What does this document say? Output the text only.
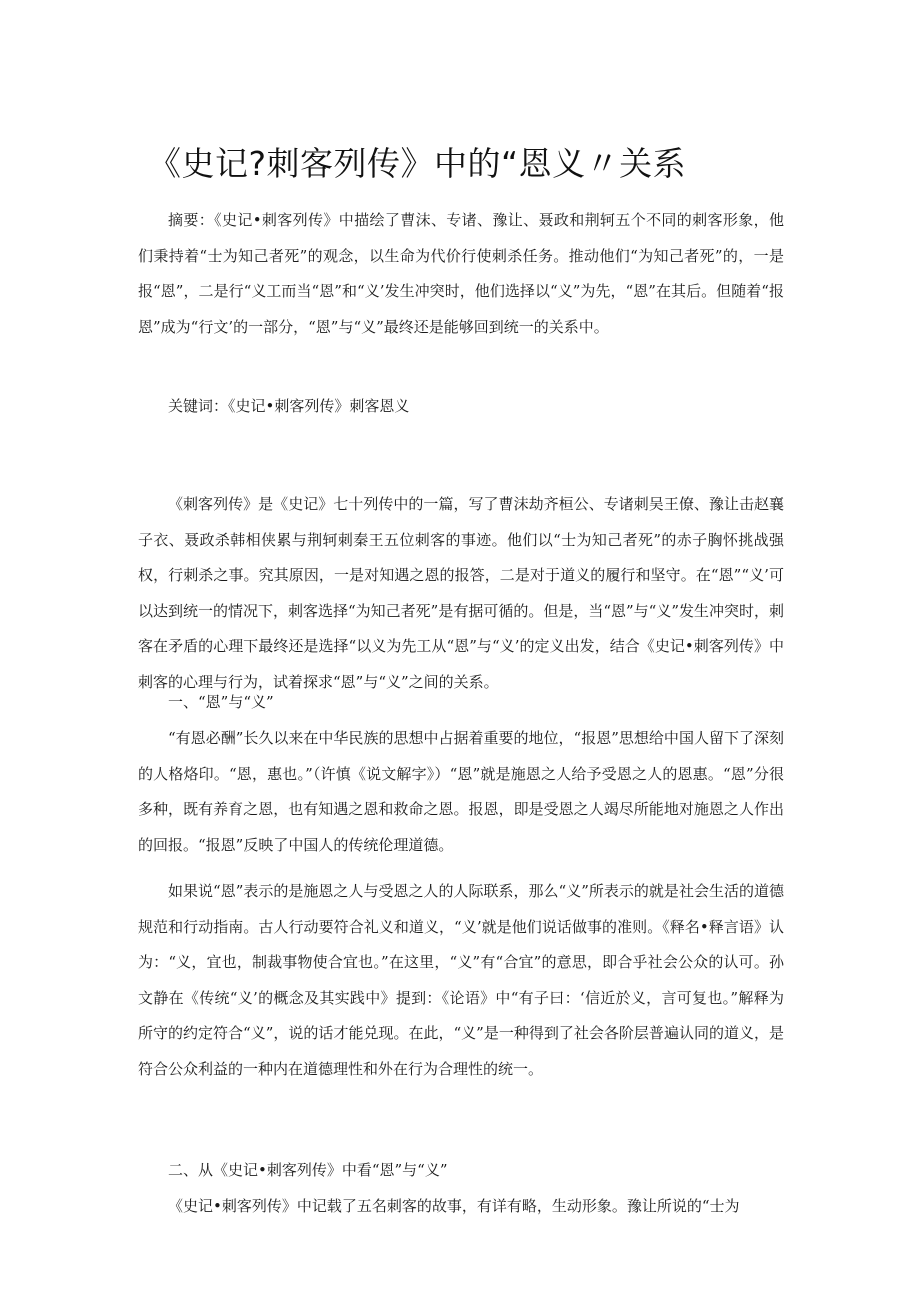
《史记?刺客列传》中的“恩义〃关系

摘要：《史记•刺客列传》中描绘了曹沫、专诸、豫让、聂政和荆轲五个不同的刺客形象，他们秉持着“士为知己者死”的观念，以生命为代价行使刺杀任务。推动他们“为知己者死”的，一是报“恩”，二是行“义工而当“恩”和“义’发生冲突时，他们选择以“义”为先，“恩”在其后。但随着“报恩”成为“行文’的一部分，“恩”与“义”最终还是能够回到统一的关系中。

关键词：《史记•刺客列传》刺客恩义

《刺客列传》是《史记》七十列传中的一篇，写了曹沫劫齐桓公、专诸刺吴王僚、豫让击赵襄子衣、聂政杀韩相侠累与荆轲刺秦王五位刺客的事迹。他们以“士为知己者死”的赤子胸怀挑战强权，行刺杀之事。究其原因，一是对知遇之恩的报答，二是对于道义的履行和坚守。在“恩”“义’可以达到统一的情况下，刺客选择“为知己者死”是有据可循的。但是，当“恩”与“义”发生冲突时，刺客在矛盾的心理下最终还是选择“以义为先工从“恩”与“义’的定义出发，结合《史记•刺客列传》中刺客的心理与行为，试着探求“恩”与“义”之间的关系。

一、“恩”与“义”

“有恩必酬”长久以来在中华民族的思想中占据着重要的地位，“报恩”思想给中国人留下了深刻的人格烙印。“恩，惠也。”（许慎《说文解字》）“恩”就是施恩之人给予受恩之人的恩惠。“恩”分很多种，既有养育之恩，也有知遇之恩和救命之恩。报恩，即是受恩之人竭尽所能地对施恩之人作出的回报。“报恩”反映了中国人的传统伦理道德。

如果说“恩”表示的是施恩之人与受恩之人的人际联系，那么“义”所表示的就是社会生活的道德规范和行动指南。古人行动要符合礼义和道义，“义’就是他们说话做事的准则。《释名•释言语》认为：“义，宜也，制裁事物使合宜也。”在这里，“义”有“合宜”的意思，即合乎社会公众的认可。孙文静在《传统“义’的概念及其实践中》提到：《论语》中“有子曰：‘信近於义，言可复也。”解释为所守的约定符合“义”，说的话才能兑现。在此，“义”是一种得到了社会各阶层普遍认同的道义，是符合公众利益的一种内在道德理性和外在行为合理性的统一。

二、从《史记•刺客列传》中看“恩”与“义”

《史记•刺客列传》中记载了五名刺客的故事，有详有略，生动形象。豫让所说的“士为
